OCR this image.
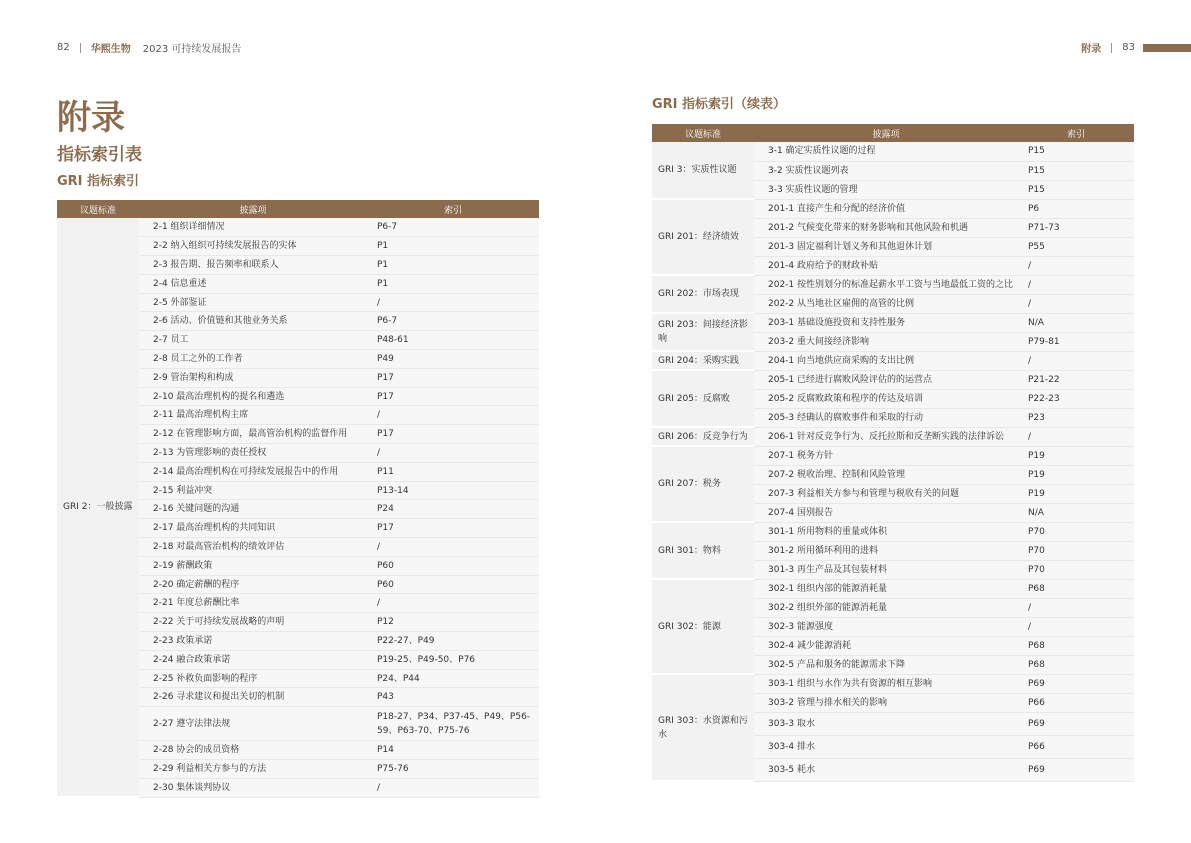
82 华熙生物 2023 可持续发展报告	附录 83
附录
指标索引表
GRI 指标索引
GRI 指标索引（续表）
议题标准	披露项	索引
GRI 2：一般披露	2-1 组织详细情况	P6-7
	2-2 纳入组织可持续发展报告的实体	P1
	2-3 报告期、报告频率和联系人	P1
	2-4 信息重述	P1
	2-5 外部鉴证	/
	2-6 活动、价值链和其他业务关系	P6-7
	2-7 员工	P48-61
	2-8 员工之外的工作者	P49
	2-9 管治架构和构成	P17
	2-10 最高治理机构的提名和遴选	P17
	2-11 最高治理机构主席	/
	2-12 在管理影响方面，最高管治机构的监督作用	P17
	2-13 为管理影响的责任授权	/
	2-14 最高治理机构在可持续发展报告中的作用	P11
	2-15 利益冲突	P13-14
	2-16 关键问题的沟通	P24
	2-17 最高治理机构的共同知识	P17
	2-18 对最高管治机构的绩效评估	/
	2-19 薪酬政策	P60
	2-20 确定薪酬的程序	P60
	2-21 年度总薪酬比率	/
	2-22 关于可持续发展战略的声明	P12
	2-23 政策承诺	P22-27、P49
	2-24 融合政策承诺	P19-25、P49-50、P76
	2-25 补救负面影响的程序	P24、P44
	2-26 寻求建议和提出关切的机制	P43
	2-27 遵守法律法规	P18-27、P34、P37-45、P49、P56-59、P63-70、P75-76
	2-28 协会的成员资格	P14
	2-29 利益相关方参与的方法	P75-76
	2-30 集体谈判协议	/
议题标准	披露项	索引
GRI 3：实质性议题	3-1 确定实质性议题的过程	P15
	3-2 实质性议题列表	P15
	3-3 实质性议题的管理	P15
GRI 201：经济绩效	201-1 直接产生和分配的经济价值	P6
	201-2 气候变化带来的财务影响和其他风险和机遇	P71-73
	201-3 固定福利计划义务和其他退休计划	P55
	201-4 政府给予的财政补贴	/
GRI 202：市场表现	202-1 按性别划分的标准起薪水平工资与当地最低工资的之比	/
	202-2 从当地社区雇佣的高管的比例	/
GRI 203：间接经济影响	203-1 基础设施投资和支持性服务	N/A
	203-2 重大间接经济影响	P79-81
GRI 204：采购实践	204-1 向当地供应商采购的支出比例	/
GRI 205：反腐败	205-1 已经进行腐败风险评估的的运营点	P21-22
	205-2 反腐败政策和程序的传达及培训	P22-23
	205-3 经确认的腐败事件和采取的行动	P23
GRI 206：反竞争行为	206-1 针对反竞争行为、反托拉斯和反垄断实践的法律诉讼	/
GRI 207：税务	207-1 税务方针	P19
	207-2 税收治理、控制和风险管理	P19
	207-3 利益相关方参与和管理与税收有关的问题	P19
	207-4 国别报告	N/A
GRI 301：物料	301-1 所用物料的重量或体积	P70
	301-2 所用循环利用的进料	P70
	301-3 再生产品及其包装材料	P70
GRI 302：能源	302-1 组织内部的能源消耗量	P68
	302-2 组织外部的能源消耗量	/
	302-3 能源强度	/
	302-4 减少能源消耗	P68
	302-5 产品和服务的能源需求下降	P68
GRI 303：水资源和污水	303-1 组织与水作为共有资源的相互影响	P69
	303-2 管理与排水相关的影响	P66
	303-3 取水	P69
	303-4 排水	P66
	303-5 耗水	P69
